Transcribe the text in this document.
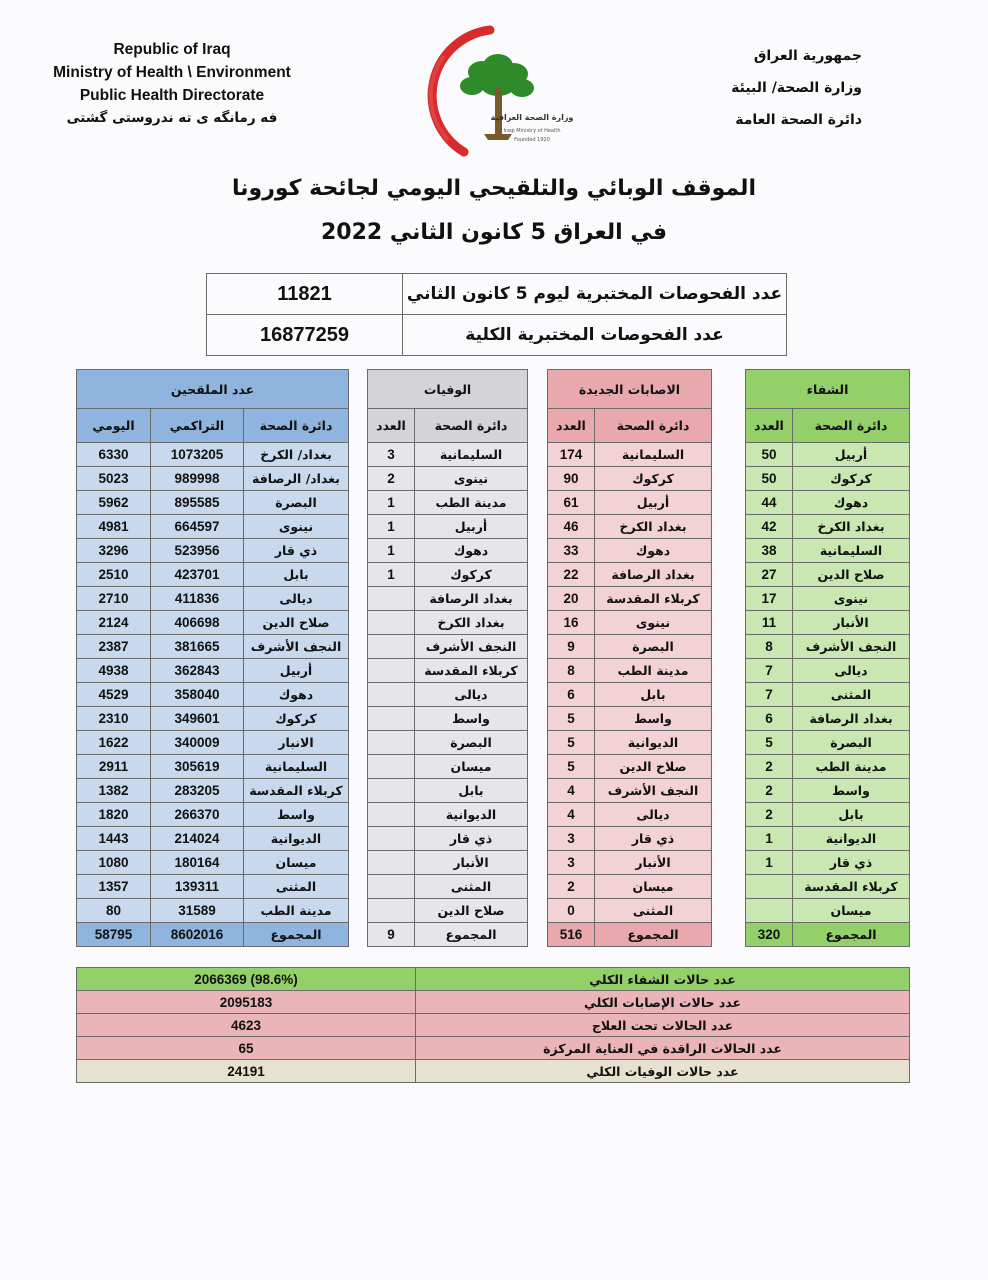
Republic of Iraq
Ministry of Health \ Environment
Public Health Directorate
فه رمانگه ی ته ندروستی گشتی
جمهورية العراق
وزارة الصحة/ البيئة
دائرة الصحة العامة
وزارة الصحة العراقية
Iraqi Ministry of Health
Founded 1920
الموقف الوبائي والتلقيحي اليومي لجائحة كورونا
في العراق 5 كانون الثاني 2022
11821	عدد الفحوصات المختبرية ليوم 5 كانون الثاني
16877259	عدد الفحوصات المختبرية الكلية
عدد الملقحين		
اليومي	التراكمي	دائرة الصحة
6330	1073205	بغداد/ الكرخ
5023	989998	بغداد/ الرصافة
5962	895585	البصرة
4981	664597	نينوى
3296	523956	ذي قار
2510	423701	بابل
2710	411836	ديالى
2124	406698	صلاح الدين
2387	381665	النجف الأشرف
4938	362843	أربيل
4529	358040	دهوك
2310	349601	كركوك
1622	340009	الانبار
2911	305619	السليمانية
1382	283205	كربلاء المقدسة
1820	266370	واسط
1443	214024	الديوانية
1080	180164	ميسان
1357	139311	المثنى
80	31589	مدينة الطب
58795	8602016	المجموع
الوفيات	
العدد	دائرة الصحة
3	السليمانية
2	نينوى
1	مدينة الطب
1	أربيل
1	دهوك
1	كركوك
	بغداد الرصافة
	بغداد الكرخ
	النجف الأشرف
	كربلاء المقدسة
	ديالى
	واسط
	البصرة
	ميسان
	بابل
	الديوانية
	ذي قار
	الأنبار
	المثنى
	صلاح الدين
9	المجموع
الاصابات الجديدة	
العدد	دائرة الصحة
174	السليمانية
90	كركوك
61	أربيل
46	بغداد الكرخ
33	دهوك
22	بغداد الرصافة
20	كربلاء المقدسة
16	نينوى
9	البصرة
8	مدينة الطب
6	بابل
5	واسط
5	الديوانية
5	صلاح الدين
4	النجف الأشرف
4	ديالى
3	ذي قار
3	الأنبار
2	ميسان
0	المثنى
516	المجموع
الشفاء	
العدد	دائرة الصحة
50	أربيل
50	كركوك
44	دهوك
42	بغداد الكرخ
38	السليمانية
27	صلاح الدين
17	نينوى
11	الأنبار
8	النجف الأشرف
7	ديالى
7	المثنى
6	بغداد الرصافة
5	البصرة
2	مدينة الطب
2	واسط
2	بابل
1	الديوانية
1	ذي قار
	كربلاء المقدسة
	ميسان
320	المجموع
2066369 (98.6%)	عدد حالات الشفاء الكلي
2095183	عدد حالات الإصابات الكلي
4623	عدد الحالات تحت العلاج
65	عدد الحالات الراقدة في العناية المركزة
24191	عدد حالات الوفيات الكلي
